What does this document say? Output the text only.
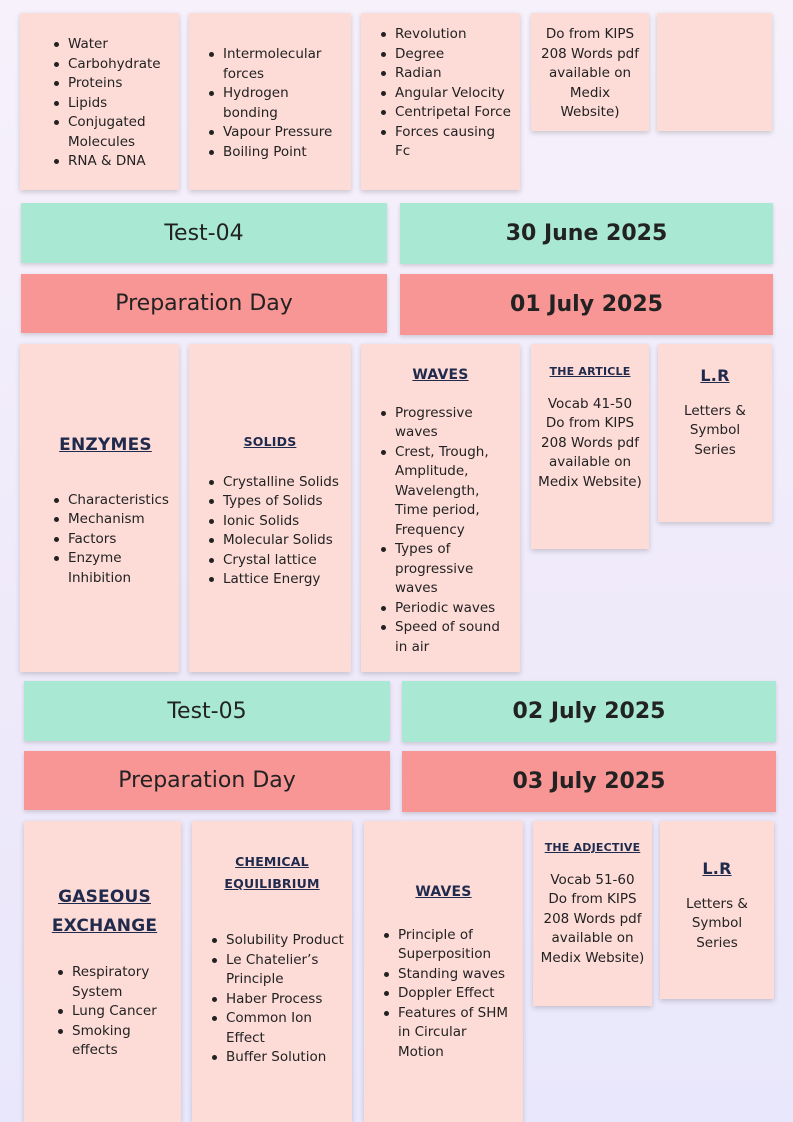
Water
Carbohydrate
Proteins
Lipids
Conjugated Molecules
RNA & DNA
Intermolecular forces
Hydrogen bonding
Vapour Pressure
Boiling Point
Revolution
Degree
Radian
Angular Velocity
Centripetal Force
Forces causing Fc
Do from KIPS 208 Words pdf available on Medix Website)
Test-04	30 June 2025
Preparation Day	01 July 2025
ENZYMES
Characteristics
Mechanism
Factors
Enzyme Inhibition
SOLIDS
Crystalline Solids
Types of Solids
Ionic Solids
Molecular Solids
Crystal lattice
Lattice Energy
WAVES
Progressive waves
Crest, Trough, Amplitude, Wavelength, Time period, Frequency
Types of progressive waves
Periodic waves
Speed of sound in air
THE ARTICLE
Vocab 41-50 Do from KIPS 208 Words pdf available on Medix Website)
L.R
Letters & Symbol Series
Test-05	02 July 2025
Preparation Day	03 July 2025
GASEOUS EXCHANGE
Respiratory System
Lung Cancer
Smoking effects
CHEMICAL EQUILIBRIUM
Solubility Product
Le Chatelier’s Principle
Haber Process
Common Ion Effect
Buffer Solution
WAVES
Principle of Superposition
Standing waves
Doppler Effect
Features of SHM in Circular Motion
THE ADJECTIVE
Vocab 51-60 Do from KIPS 208 Words pdf available on Medix Website)
L.R
Letters & Symbol Series
